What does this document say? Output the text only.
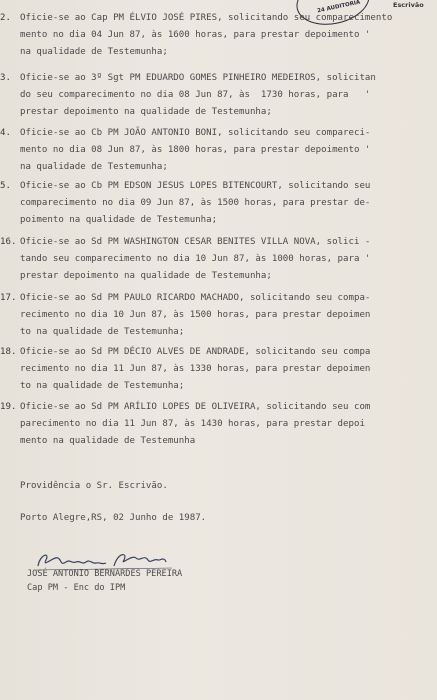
24 AUDITORIA	Escrivão
2. Oficie-se ao Cap PM ÉLVIO JOSÉ PIRES, solicitando seu comparecimento
mento no dia 04 Jun 87, às 1600 horas, para prestar depoimento '
na qualidade de Testemunha;
3. Oficie-se ao 3º Sgt PM EDUARDO GOMES PINHEIRO MEDEIROS, solicitan
do seu comparecimento no dia 08 Jun 87, às  1730 horas, para   '
prestar depoimento na qualidade de Testemunha;
4. Oficie-se ao Cb PM JOÃO ANTONIO BONI, solicitando seu compareci-
mento no dia 08 Jun 87, às 1800 horas, para prestar depoimento '
na qualidade de Testemunha;
5. Oficie-se ao Cb PM EDSON JESUS LOPES BITENCOURT, solicitando seu
comparecimento no dia 09 Jun 87, às 1500 horas, para prestar de-
poimento na qualidade de Testemunha;
16. Oficie-se ao Sd PM WASHINGTON CESAR BENITES VILLA NOVA, solici -
tando seu comparecimento no dia 10 Jun 87, às 1000 horas, para '
prestar depoimento na qualidade de Testemunha;
17. Oficie-se ao Sd PM PAULO RICARDO MACHADO, solicitando seu compa-
recimento no dia 10 Jun 87, às 1500 horas, para prestar depoimen
to na qualidade de Testemunha;
18. Oficie-se ao Sd PM DÉCIO ALVES DE ANDRADE, solicitando seu compa
recimento no dia 11 Jun 87, às 1330 horas, para prestar depoimen
to na qualidade de Testemunha;
19. Oficie-se ao Sd PM ARÍLIO LOPES DE OLIVEIRA, solicitando seu com
parecimento no dia 11 Jun 87, às 1430 horas, para prestar depoi
mento na qualidade de Testemunha
Providência o Sr. Escrivão.
Porto Alegre,RS, 02 Junho de 1987.
JOSÉ ANTONIO BERNARDES PEREIRA
Cap PM - Enc do IPM
